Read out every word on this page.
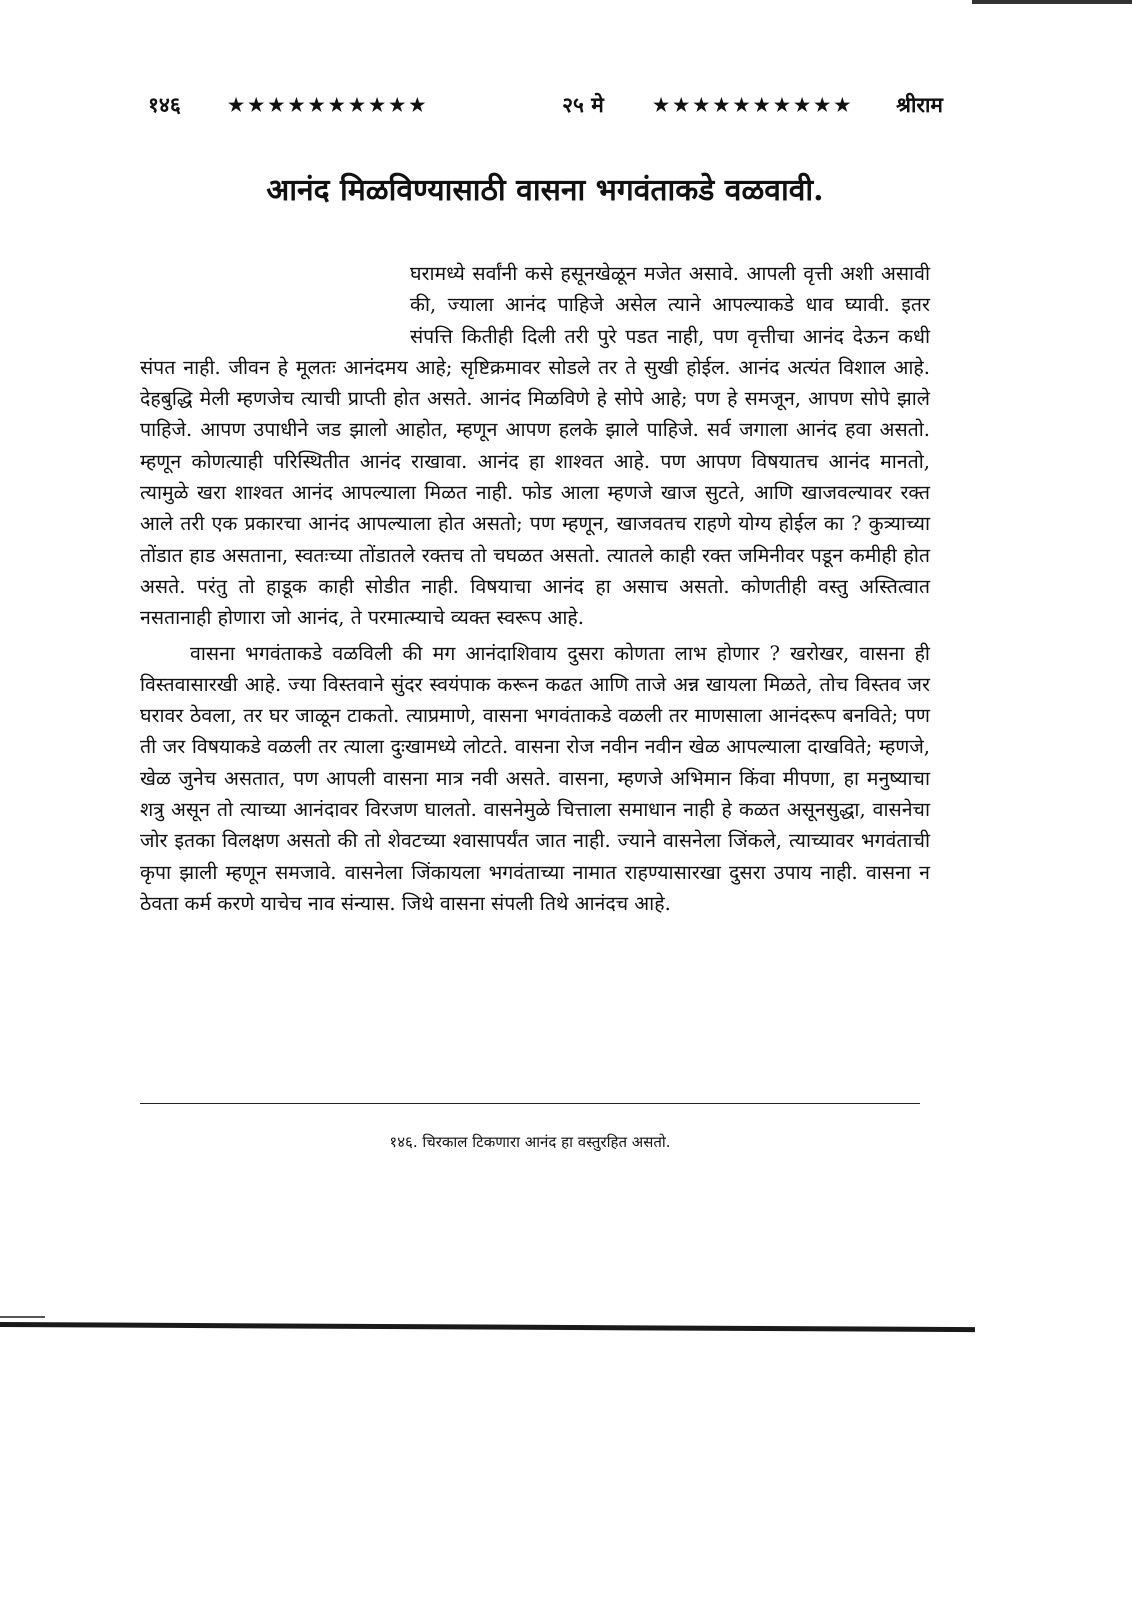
१४६	★★★★★★★★★★	२५ मे	★★★★★★★★★★	श्रीराम
आनंद मिळविण्यासाठी वासना भगवंताकडे वळवावी.

घरामध्ये सर्वांनी कसे हसूनखेळून मजेत असावे. आपली वृत्ती अशी असावी की, ज्याला आनंद पाहिजे असेल त्याने आपल्याकडे धाव घ्यावी. इतर संपत्ति कितीही दिली तरी पुरे पडत नाही, पण वृत्तीचा आनंद देऊन कधी संपत नाही. जीवन हे मूलतः आनंदमय आहे; सृष्टिक्रमावर सोडले तर ते सुखी होईल. आनंद अत्यंत विशाल आहे. देहबुद्धि मेली म्हणजेच त्याची प्राप्ती होत असते. आनंद मिळविणे हे सोपे आहे; पण हे समजून, आपण सोपे झाले पाहिजे. आपण उपाधीने जड झालो आहोत, म्हणून आपण हलके झाले पाहिजे. सर्व जगाला आनंद हवा असतो. म्हणून कोणत्याही परिस्थितीत आनंद राखावा. आनंद हा शाश्वत आहे. पण आपण विषयातच आनंद मानतो, त्यामुळे खरा शाश्वत आनंद आपल्याला मिळत नाही. फोड आला म्हणजे खाज सुटते, आणि खाजवल्यावर रक्त आले तरी एक प्रकारचा आनंद आपल्याला होत असतो; पण म्हणून, खाजवतच राहणे योग्य होईल का ? कुत्र्याच्या तोंडात हाड असताना, स्वतःच्या तोंडातले रक्तच तो चघळत असतो. त्यातले काही रक्त जमिनीवर पडून कमीही होत असते. परंतु तो हाडूक काही सोडीत नाही. विषयाचा आनंद हा असाच असतो. कोणतीही वस्तु अस्तित्वात नसतानाही होणारा जो आनंद, ते परमात्म्याचे व्यक्त स्वरूप आहे.

वासना भगवंताकडे वळविली की मग आनंदाशिवाय दुसरा कोणता लाभ होणार ? खरोखर, वासना ही विस्तवासारखी आहे. ज्या विस्तवाने सुंदर स्वयंपाक करून कढत आणि ताजे अन्न खायला मिळते, तोच विस्तव जर घरावर ठेवला, तर घर जाळून टाकतो. त्याप्रमाणे, वासना भगवंताकडे वळली तर माणसाला आनंदरूप बनविते; पण ती जर विषयाकडे वळली तर त्याला दुःखामध्ये लोटते. वासना रोज नवीन नवीन खेळ आपल्याला दाखविते; म्हणजे, खेळ जुनेच असतात, पण आपली वासना मात्र नवी असते. वासना, म्हणजे अभिमान किंवा मीपणा, हा मनुष्याचा शत्रु असून तो त्याच्या आनंदावर विरजण घालतो. वासनेमुळे चित्ताला समाधान नाही हे कळत असूनसुद्धा, वासनेचा जोर इतका विलक्षण असतो की तो शेवटच्या श्वासापर्यंत जात नाही. ज्याने वासनेला जिंकले, त्याच्यावर भगवंताची कृपा झाली म्हणून समजावे. वासनेला जिंकायला भगवंताच्या नामात राहण्यासारखा दुसरा उपाय नाही. वासना न ठेवता कर्म करणे याचेच नाव संन्यास. जिथे वासना संपली तिथे आनंदच आहे.

१४६. चिरकाल टिकणारा आनंद हा वस्तुरहित असतो.
